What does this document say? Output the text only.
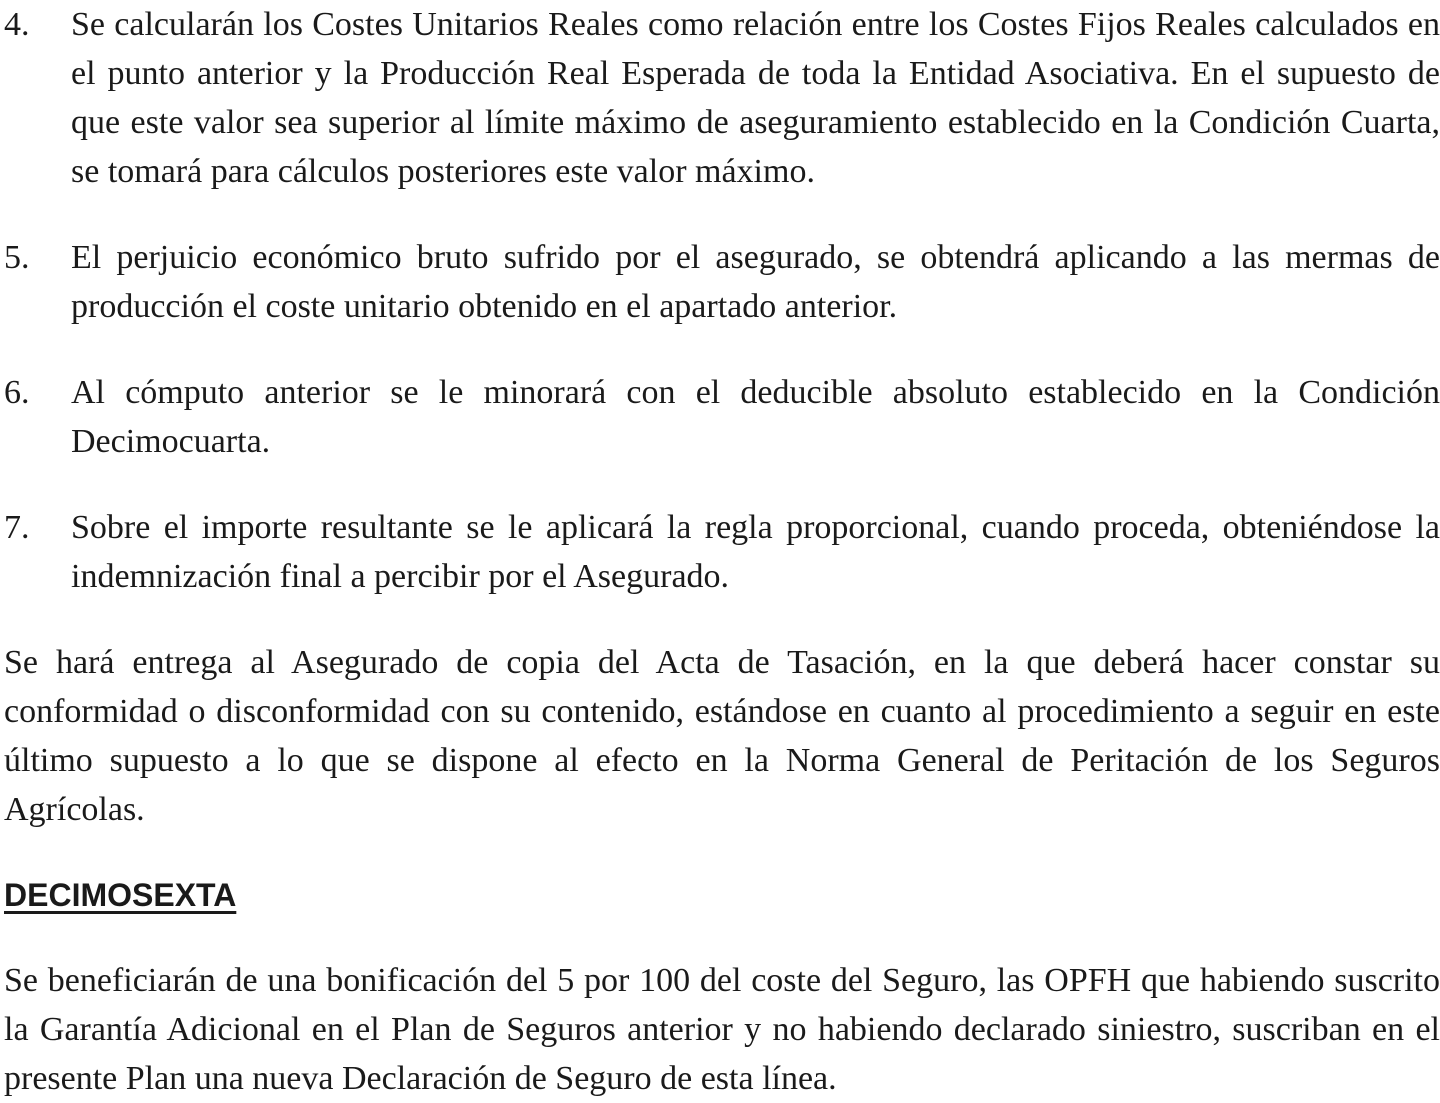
4.	Se calcularán los Costes Unitarios Reales como relación entre los Costes Fijos Reales calculados en el punto anterior y la Producción Real Esperada de toda la Entidad Asociativa. En el supuesto de que este valor sea superior al límite máximo de aseguramiento establecido en la Condición Cuarta, se tomará para cálculos posteriores este valor máximo.
5.	El perjuicio económico bruto sufrido por el asegurado, se obtendrá aplicando a las mermas de producción el coste unitario obtenido en el apartado anterior.
6.	Al cómputo anterior se le minorará con el deducible absoluto establecido en la Condición Decimocuarta.
7.	Sobre el importe resultante se le aplicará la regla proporcional, cuando proceda, obteniéndose la indemnización final a percibir por el Asegurado.

Se hará entrega al Asegurado de copia del Acta de Tasación, en la que deberá hacer constar su conformidad o disconformidad con su contenido, estándose en cuanto al procedimiento a seguir en este último supuesto a lo que se dispone al efecto en la Norma General de Peritación de los Seguros Agrícolas.

DECIMOSEXTA

Se beneficiarán de una bonificación del 5 por 100 del coste del Seguro, las OPFH que habiendo suscrito la Garantía Adicional en el Plan de Seguros anterior y no habiendo declarado siniestro, suscriban en el presente Plan una nueva Declaración de Seguro de esta línea.
